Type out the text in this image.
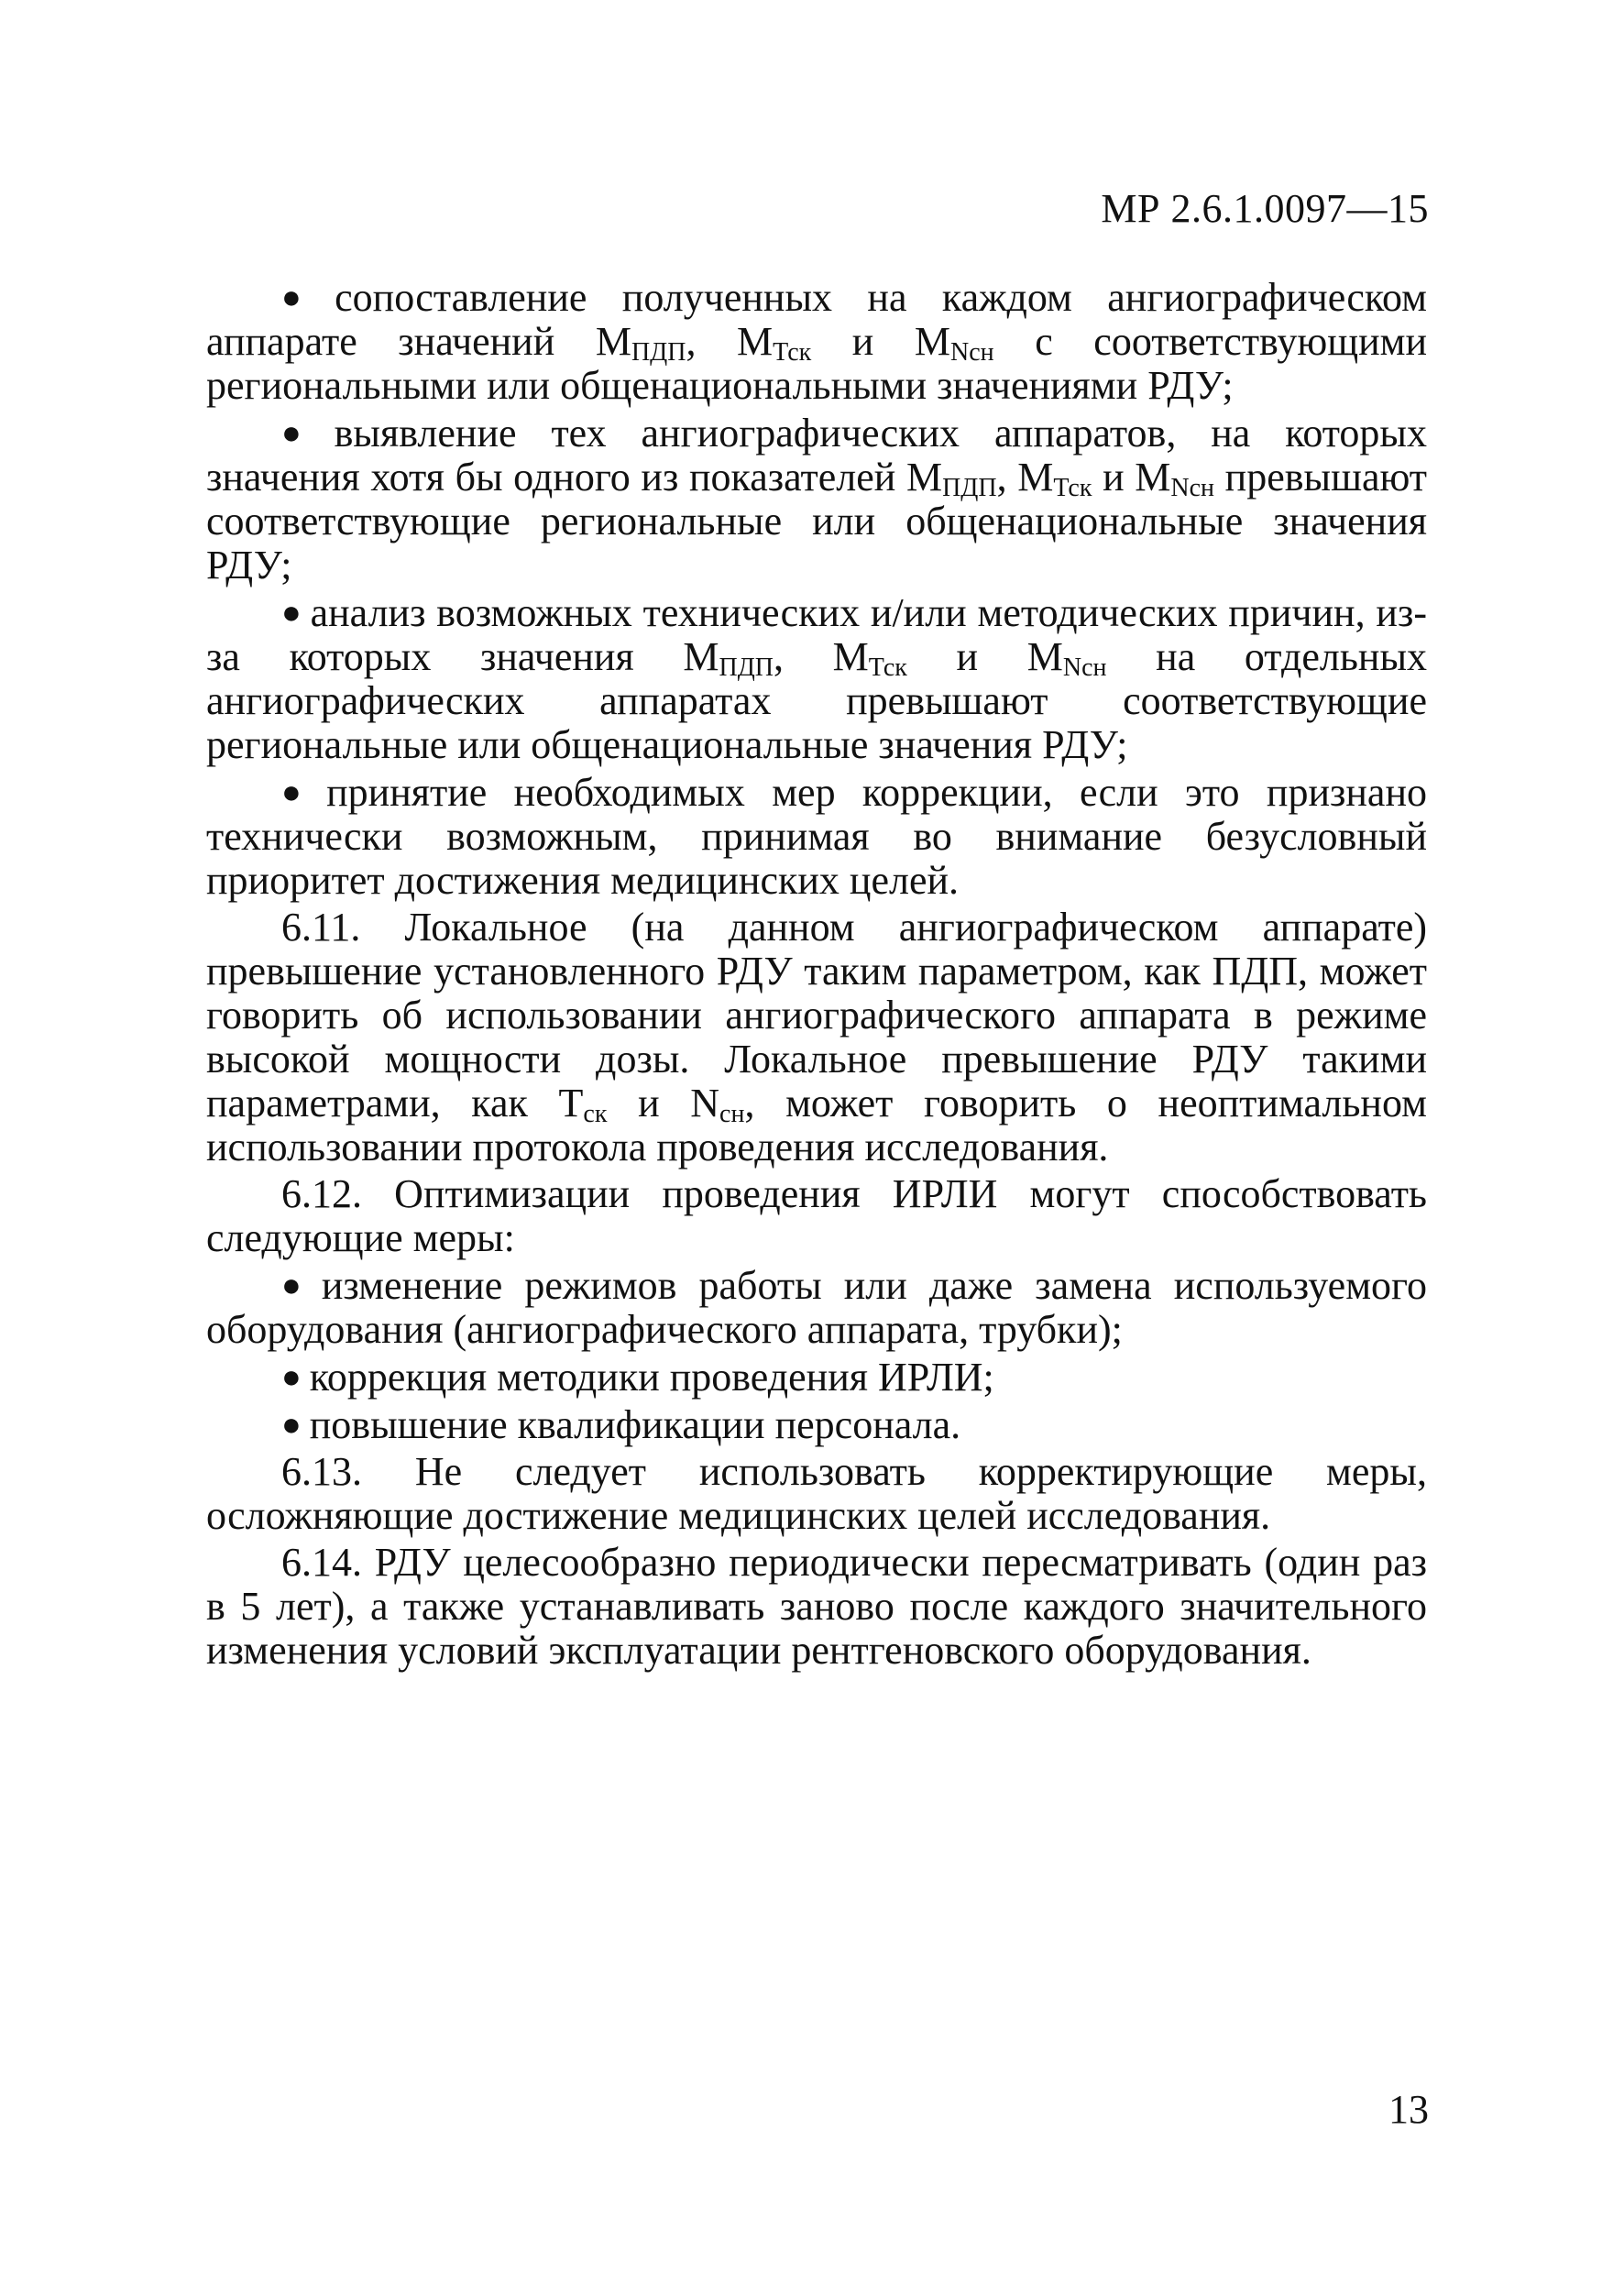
МР 2.6.1.0097—15

● сопоставление полученных на каждом ангиографическом аппарате значений $М_{ПДП}$, $М_{Тск}$ и $М_{Nсн}$ с соответствующими региональными или общенациональными значениями РДУ;

● выявление тех ангиографических аппаратов, на которых значения хотя бы одного из показателей $М_{ПДП}$, $М_{Тск}$ и $М_{Nсн}$ превышают соответствующие региональные или общенациональные значения РДУ;

● анализ возможных технических и/или методических причин, из-за которых значения $М_{ПДП}$, $М_{Тск}$ и $М_{Nсн}$ на отдельных ангиографических аппаратах превышают соответствующие региональные или общенациональные значения РДУ;

● принятие необходимых мер коррекции, если это признано технически возможным, принимая во внимание безусловный приоритет достижения медицинских целей.

6.11. Локальное (на данном ангиографическом аппарате) превышение установленного РДУ таким параметром, как ПДП, может говорить об использовании ангиографического аппарата в режиме высокой мощности дозы. Локальное превышение РДУ такими параметрами, как $Т_{ск}$ и $N_{сн}$, может говорить о неоптимальном использовании протокола проведения исследования.

6.12. Оптимизации проведения ИРЛИ могут способствовать следующие меры:

● изменение режимов работы или даже замена используемого оборудования (ангиографического аппарата, трубки);

● коррекция методики проведения ИРЛИ;

● повышение квалификации персонала.

6.13. Не следует использовать корректирующие меры, осложняющие достижение медицинских целей исследования.

6.14. РДУ целесообразно периодически пересматривать (один раз в 5 лет), а также устанавливать заново после каждого значительного изменения условий эксплуатации рентгеновского оборудования.

13
